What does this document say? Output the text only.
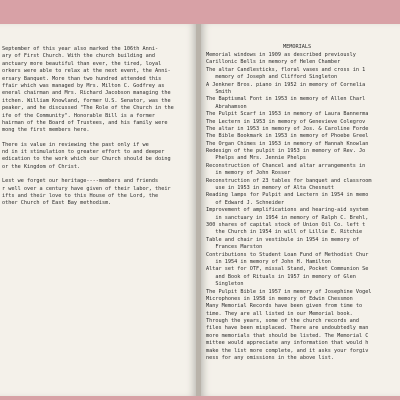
September of this year also marked the 106th Anni-
ary of First Church. With the church building and
anctuary more beautiful than ever, the tired, loyal
orkers were able to relax at the next event, the Anni-
ersary Banquet. More than two hundred attended this
ffair which was managed by Mrs. Milton C. Godfrey as
eneral chairman and Mrs. Richard Jacobson managing the
itchen. William Knowland, former U.S. Senator, was the
peaker, and he discussed "The Role of the Church in the
ife of the Community". Honorable Bill is a former
hairman of the Board of Trustees, and his family were
mong the first members here.
There is value in reviewing the past only if we
nd in it stimulation to greater effort to and deeper
edication to the work which our Church should be doing
or the Kingdom of Christ.
Lest we forget our heritage----members and friends
r well over a century have given of their labor, their
ifts and their love to this House of the Lord, the
other Church of East Bay methodism.
MEMORIALS
Memorial windows in 1909 as described previously
Carillonic Bells in memory of Helen Chamber
The altar Candlesticks, floral vases and cross in 1
memory of Joseph and Clifford Singleton
A Jenkner Bros. piano in 1952 in memory of Cornelia
Smith
The Baptismal Font in 1953 in memory of Allen Charl
Abrahamson
The Pulpit Scarf in 1953 in memory of Laura Bannerma
The Lectern in 1953 in memory of Genevieve Colegrov
The altar in 1953 in memory of Jos. & Caroline Forde
The Bible Bookmark in 1953 in memory of Phoebe Greel
The Organ Chimes in 1953 in memory of Hannah Knowlan
Redesign of the pulpit in 1953 in memory of Rev. Jo
Phelps and Mrs. Jennie Phelps
Reconstruction of Chancel and altar arrangements in
in memory of John Rosser
Reconstruction of 23 tables for banquet and classroom
use in 1953 in memory of Alta Chesnutt
Reading lamps for Pulpit and Lectern in 1954 in memo
of Edward J. Schneider
Improvement of amplifications and hearing-aid system
in sanctuary in 1954 in memory of Ralph C. Brehl,
300 shares of capital stock of Union Oil Co. left t
the Church in 1954 in will of Lillie E. Ritchie
Table and chair in vestibule in 1954 in memory of
Frances Marston
Contributions to Student Loan Fund of Methodist Chur
in 1954 in memory of John H. Hamilton
Altar set for OTF, missal Stand, Pocket Communion Se
and Book of Rituals in 1957 in memory of Glen
Singleton
The Pulpit Bible in 1957 in memory of Josephine Vogel
Microphones in 1958 in memory of Edwin Chessmon
Many Memorial Records have been given from time to
time. They are all listed in our Memorial book.
Through the years, some of the church records and
files have been misplaced. There are undoubtedly man
more memorials that should be listed. The Memorial C
mittee would appreciate any information that would h
make the list more complete, and it asks your forgiv
ness for any omissions in the above list.
